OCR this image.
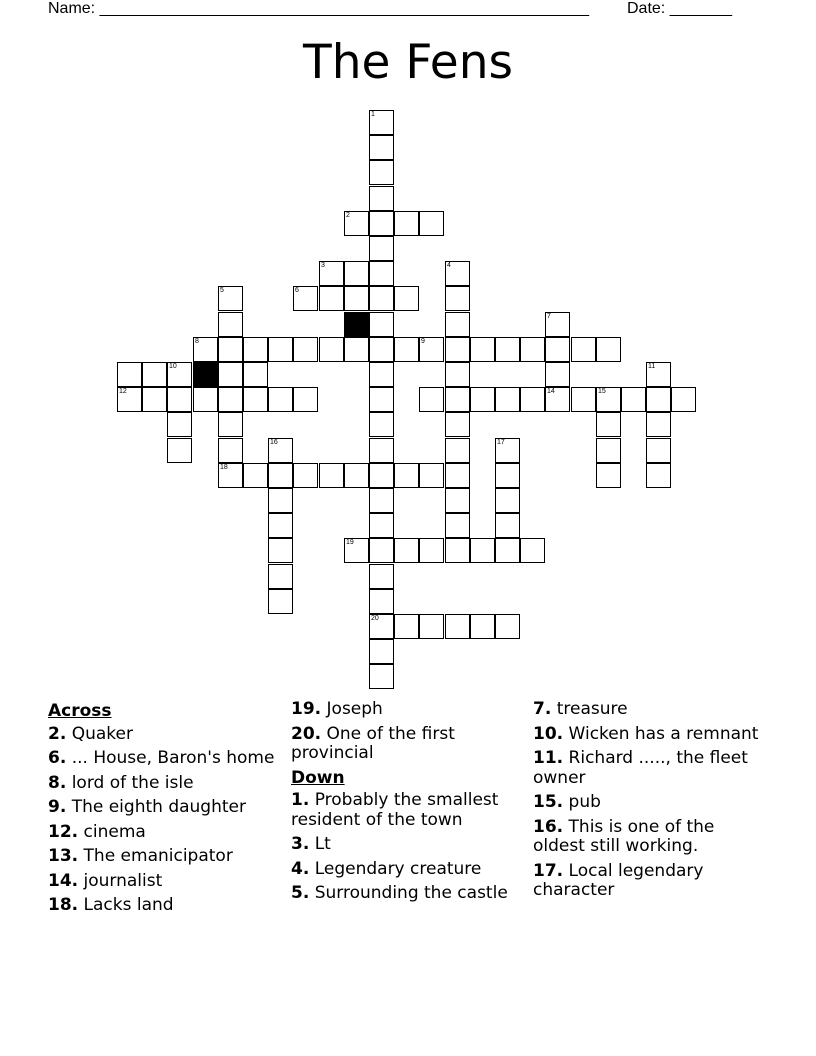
Name: _______________________________________________________ Date: _______
The Fens
1
20
2
3
6
5
8
10
12
4
9
7
14	15
11
16
18
17
19
Across
2. Quaker
6. ... House, Baron's home
8. lord of the isle
9. The eighth daughter
12. cinema
13. The emanicipator
14. journalist
18. Lacks land
19. Joseph
20. One of the first provincial
Down
1. Probably the smallest resident of the town
3. Lt
4. Legendary creature
5. Surrounding the castle
7. treasure
10. Wicken has a remnant
11. Richard ....., the fleet owner
15. pub
16. This is one of the oldest still working.
17. Local legendary character
